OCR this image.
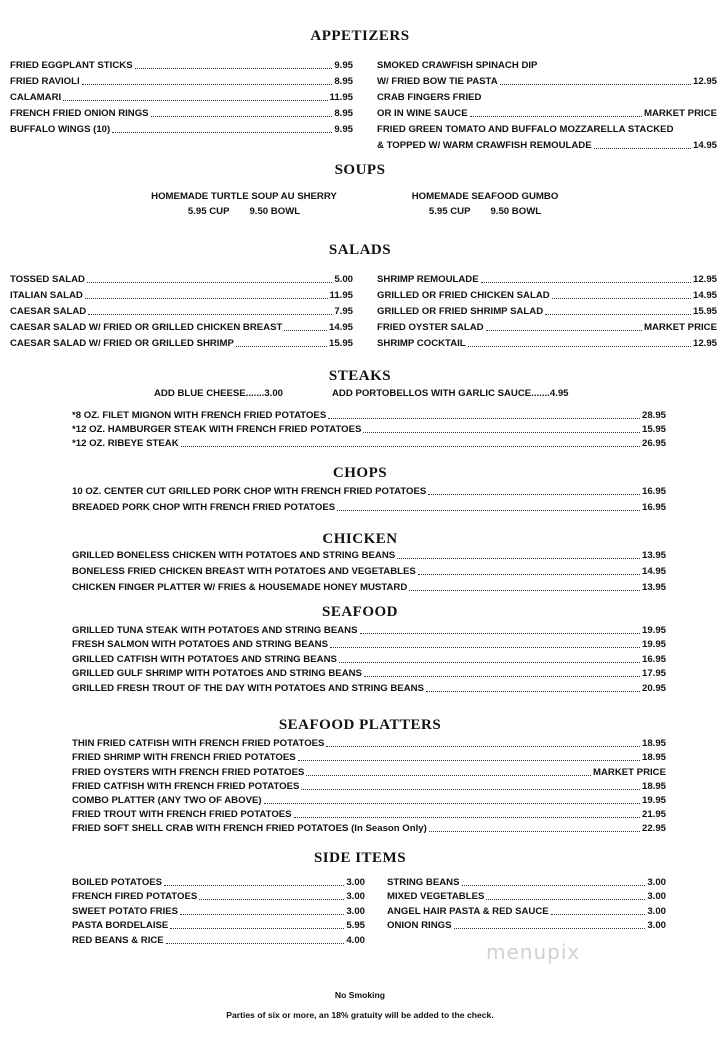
APPETIZERS
FRIED EGGPLANT STICKS	9.95
FRIED RAVIOLI	8.95
CALAMARI	11.95
FRENCH FRIED ONION RINGS	8.95
BUFFALO WINGS (10)	9.95
SMOKED CRAWFISH SPINACH DIP
W/ FRIED BOW TIE PASTA	12.95
CRAB FINGERS FRIED
OR IN WINE SAUCE	MARKET PRICE
FRIED GREEN TOMATO AND BUFFALO MOZZARELLA STACKED
& TOPPED W/ WARM CRAWFISH REMOULADE	14.95
SOUPS
HOMEMADE TURTLE SOUP AU SHERRY
5.95 CUP 9.50 BOWL
HOMEMADE SEAFOOD GUMBO
5.95 CUP 9.50 BOWL
SALADS
TOSSED SALAD	5.00
ITALIAN SALAD	11.95
CAESAR SALAD	7.95
CAESAR SALAD W/ FRIED OR GRILLED CHICKEN BREAST	14.95
CAESAR SALAD W/ FRIED OR GRILLED SHRIMP	15.95
SHRIMP REMOULADE	12.95
GRILLED OR FRIED CHICKEN SALAD	14.95
GRILLED OR FRIED SHRIMP SALAD	15.95
FRIED OYSTER SALAD	MARKET PRICE
SHRIMP COCKTAIL	12.95
STEAKS
ADD BLUE CHEESE.......3.00	ADD PORTOBELLOS WITH GARLIC SAUCE.......4.95
*8 OZ. FILET MIGNON WITH FRENCH FRIED POTATOES	28.95
*12 OZ. HAMBURGER STEAK WITH FRENCH FRIED POTATOES	15.95
*12 OZ. RIBEYE STEAK	26.95
CHOPS
10 OZ. CENTER CUT GRILLED PORK CHOP WITH FRENCH FRIED POTATOES	16.95
BREADED PORK CHOP WITH FRENCH FRIED POTATOES	16.95
CHICKEN
GRILLED BONELESS CHICKEN WITH POTATOES AND STRING BEANS	13.95
BONELESS FRIED CHICKEN BREAST WITH POTATOES AND VEGETABLES	14.95
CHICKEN FINGER PLATTER W/ FRIES & HOUSEMADE HONEY MUSTARD	13.95
SEAFOOD
GRILLED TUNA STEAK WITH POTATOES AND STRING BEANS	19.95
FRESH SALMON WITH POTATOES AND STRING BEANS	19.95
GRILLED CATFISH WITH POTATOES AND STRING BEANS	16.95
GRILLED GULF SHRIMP WITH POTATOES AND STRING BEANS	17.95
GRILLED FRESH TROUT OF THE DAY WITH POTATOES AND STRING BEANS	20.95
SEAFOOD PLATTERS
THIN FRIED CATFISH WITH FRENCH FRIED POTATOES	18.95
FRIED SHRIMP WITH FRENCH FRIED POTATOES	18.95
FRIED OYSTERS WITH FRENCH FRIED POTATOES	MARKET PRICE
FRIED CATFISH WITH FRENCH FRIED POTATOES	18.95
COMBO PLATTER (ANY TWO OF ABOVE)	19.95
FRIED TROUT WITH FRENCH FRIED POTATOES	21.95
FRIED SOFT SHELL CRAB WITH FRENCH FRIED POTATOES (In Season Only)	22.95
SIDE ITEMS
BOILED POTATOES	3.00
FRENCH FIRED POTATOES	3.00
SWEET POTATO FRIES	3.00
PASTA BORDELAISE	5.95
RED BEANS & RICE	4.00
STRING BEANS	3.00
MIXED VEGETABLES	3.00
ANGEL HAIR PASTA & RED SAUCE	3.00
ONION RINGS	3.00
menupix
No Smoking
Parties of six or more, an 18% gratuity will be added to the check.
